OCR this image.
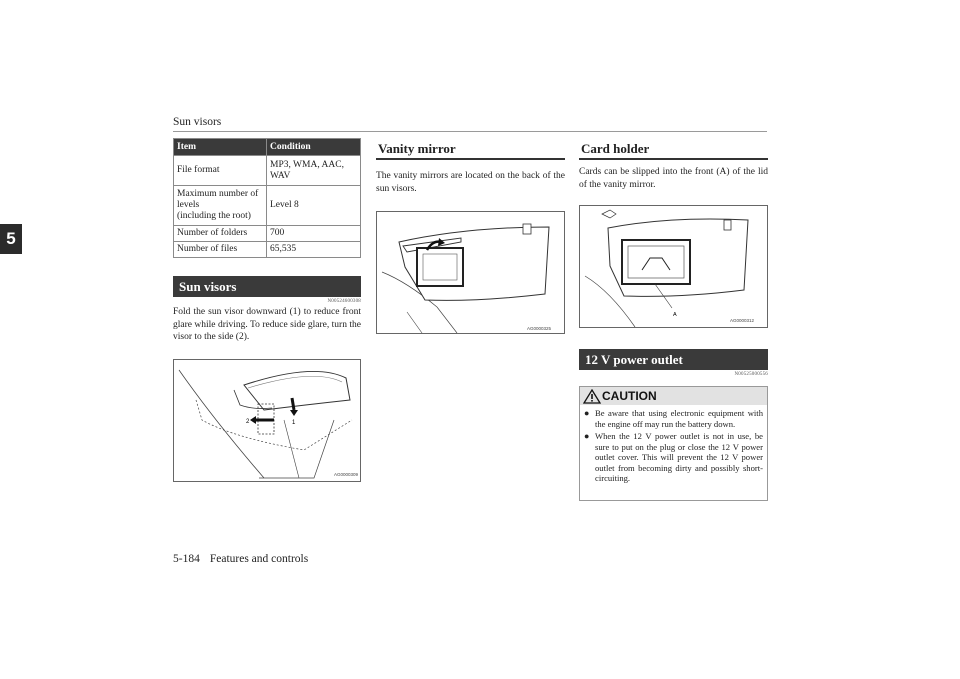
Sun visors
5
Item	Condition
File format	MP3, WMA, AAC,
WAV
Maximum number of
levels
(including the root)	Level 8
Number of folders	700
Number of files	65,535
Sun visors
N00524600308
Fold the sun visor downward (1) to reduce front glare while driving. To reduce side glare, turn the visor to the side (2).
1
2
AG0000309
Vanity mirror
The vanity mirrors are located on the back of the sun visors.
AG0000325
Card holder
Cards can be slipped into the front (A) of the lid of the vanity mirror.
A
AG0000312
12 V power outlet
N00525000556
CAUTION
● Be aware that using electronic equipment with the engine off may run the battery down.
● When the 12 V power outlet is not in use, be sure to put on the plug or close the 12 V power outlet cover. This will prevent the 12 V power outlet from becoming dirty and possibly short-circuiting.
5-184 Features and controls
